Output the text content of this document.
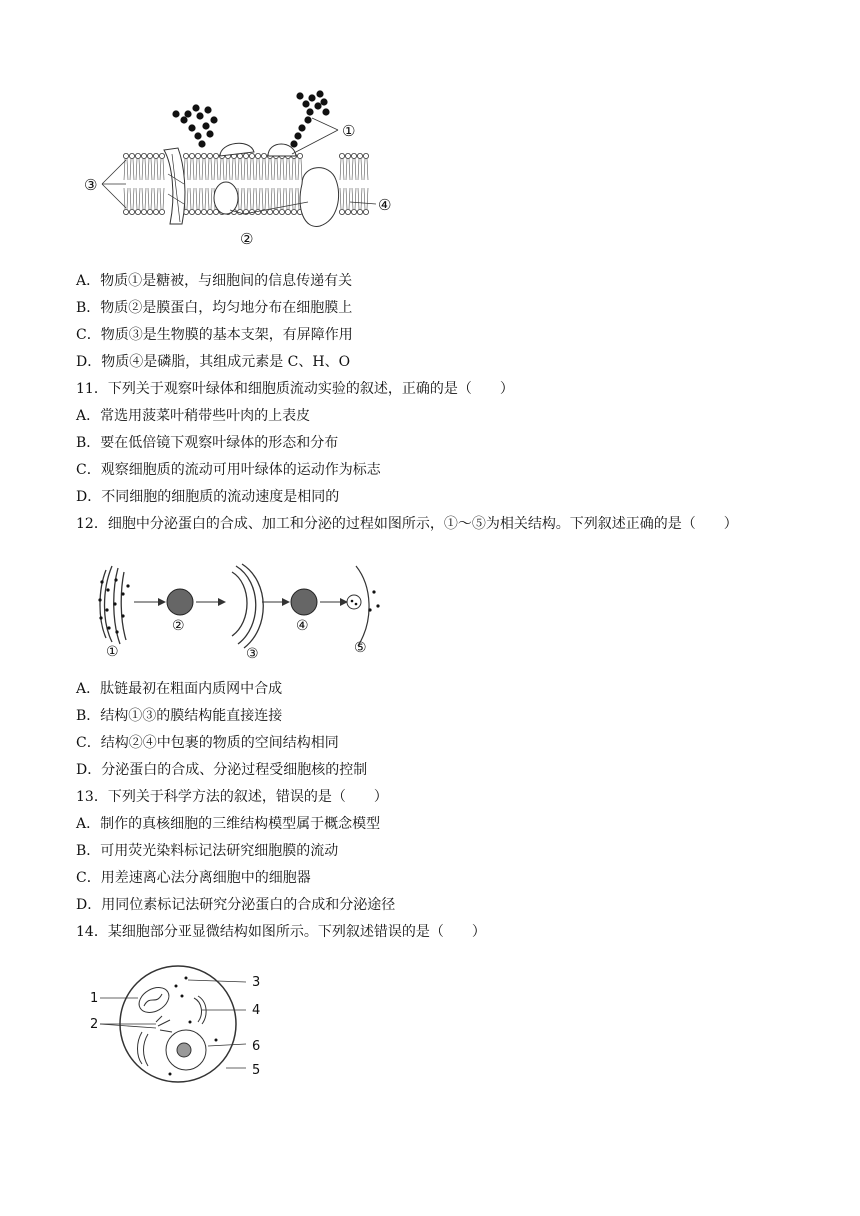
①
②
③
④
A．物质①是糖被，与细胞间的信息传递有关
B．物质②是膜蛋白，均匀地分布在细胞膜上
C．物质③是生物膜的基本支架，有屏障作用
D．物质④是磷脂，其组成元素是 C、H、O
11．下列关于观察叶绿体和细胞质流动实验的叙述，正确的是（　　）
A．常选用菠菜叶稍带些叶肉的上表皮
B．要在低倍镜下观察叶绿体的形态和分布
C．观察细胞质的流动可用叶绿体的运动作为标志
D．不同细胞的细胞质的流动速度是相同的
12．细胞中分泌蛋白的合成、加工和分泌的过程如图所示，①～⑤为相关结构。下列叙述正确的是（　　）
①
②
③
④
⑤
A．肽链最初在粗面内质网中合成
B．结构①③的膜结构能直接连接
C．结构②④中包裹的物质的空间结构相同
D．分泌蛋白的合成、分泌过程受细胞核的控制
13．下列关于科学方法的叙述，错误的是（　　）
A．制作的真核细胞的三维结构模型属于概念模型
B．可用荧光染料标记法研究细胞膜的流动
C．用差速离心法分离细胞中的细胞器
D．用同位素标记法研究分泌蛋白的合成和分泌途径
14．某细胞部分亚显微结构如图所示。下列叙述错误的是（　　）
1
2
3
4
6
5
